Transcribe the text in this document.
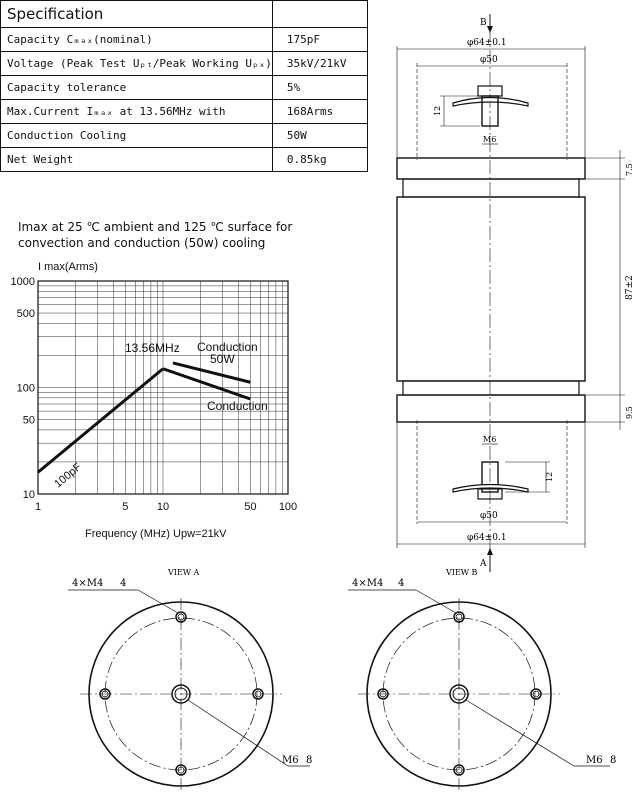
Specification	
Capacity Cₘₐₓ(nominal)	175pF
Voltage (Peak Test Uₚₜ/Peak Working Uₚₓ)	35kV/21kV
Capacity tolerance	5%
Max.Current Iₘₐₓ at 13.56MHz with	168Arms
Conduction Cooling	50W
Net Weight	0.85kg
Imax at 25 ℃ ambient and 125 ℃ surface for
convection and conduction (50w) cooling
1	5	10	50 100
10
50
100
500
1000
I max(Arms)
Frequency (MHz) Upw=21kV
13.56MHz Conduction
50W
Conduction
100pF
B
A
φ64±0.1
φ50
M6
M6
φ50
φ64±0.1
12
12
7.5
87±2
9.5
VIEW A
4×M4 4
M6 8
VIEW B
4×M4 4
M6 8
